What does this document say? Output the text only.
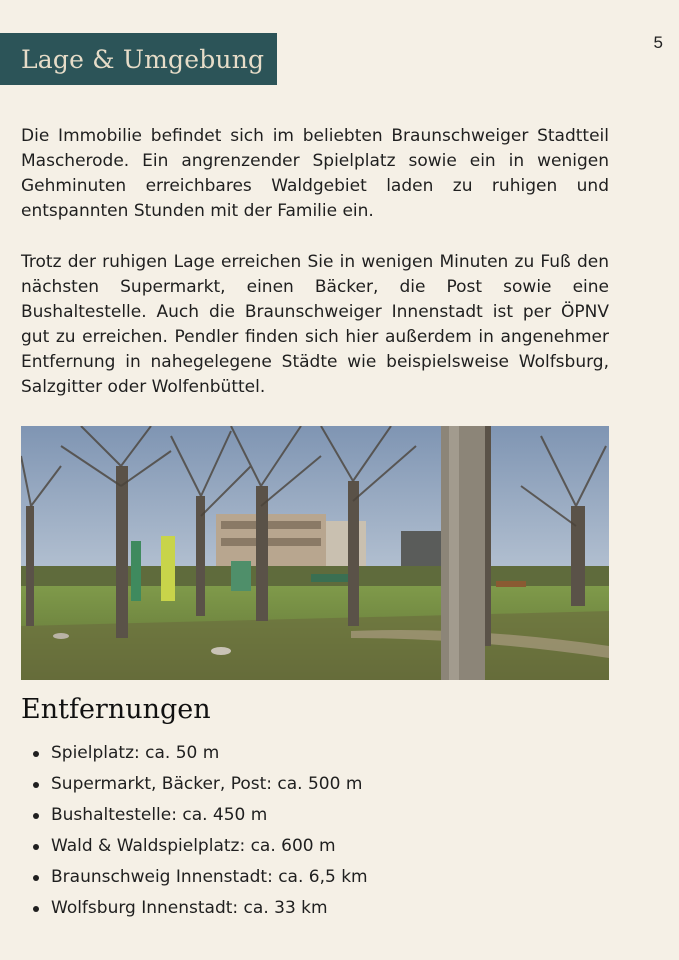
5
Lage & Umgebung

Die Immobilie befindet sich im beliebten Braunschweiger Stadtteil Mascherode. Ein angrenzender Spielplatz sowie ein in wenigen Gehminuten erreichbares Waldgebiet laden zu ruhigen und entspannten Stunden mit der Familie ein.

Trotz der ruhigen Lage erreichen Sie in wenigen Minuten zu Fuß den nächsten Supermarkt, einen Bäcker, die Post sowie eine Bushaltestelle. Auch die Braunschweiger Innenstadt ist per ÖPNV gut zu erreichen. Pendler finden sich hier außerdem in angenehmer Entfernung in nahegelegene Städte wie beispielsweise Wolfsburg, Salzgitter oder Wolfenbüttel.

Entfernungen
Spielplatz: ca. 50 m
Supermarkt, Bäcker, Post: ca. 500 m
Bushaltestelle: ca. 450 m
Wald & Waldspielplatz: ca. 600 m
Braunschweig Innenstadt: ca. 6,5 km
Wolfsburg Innenstadt: ca. 33 km
